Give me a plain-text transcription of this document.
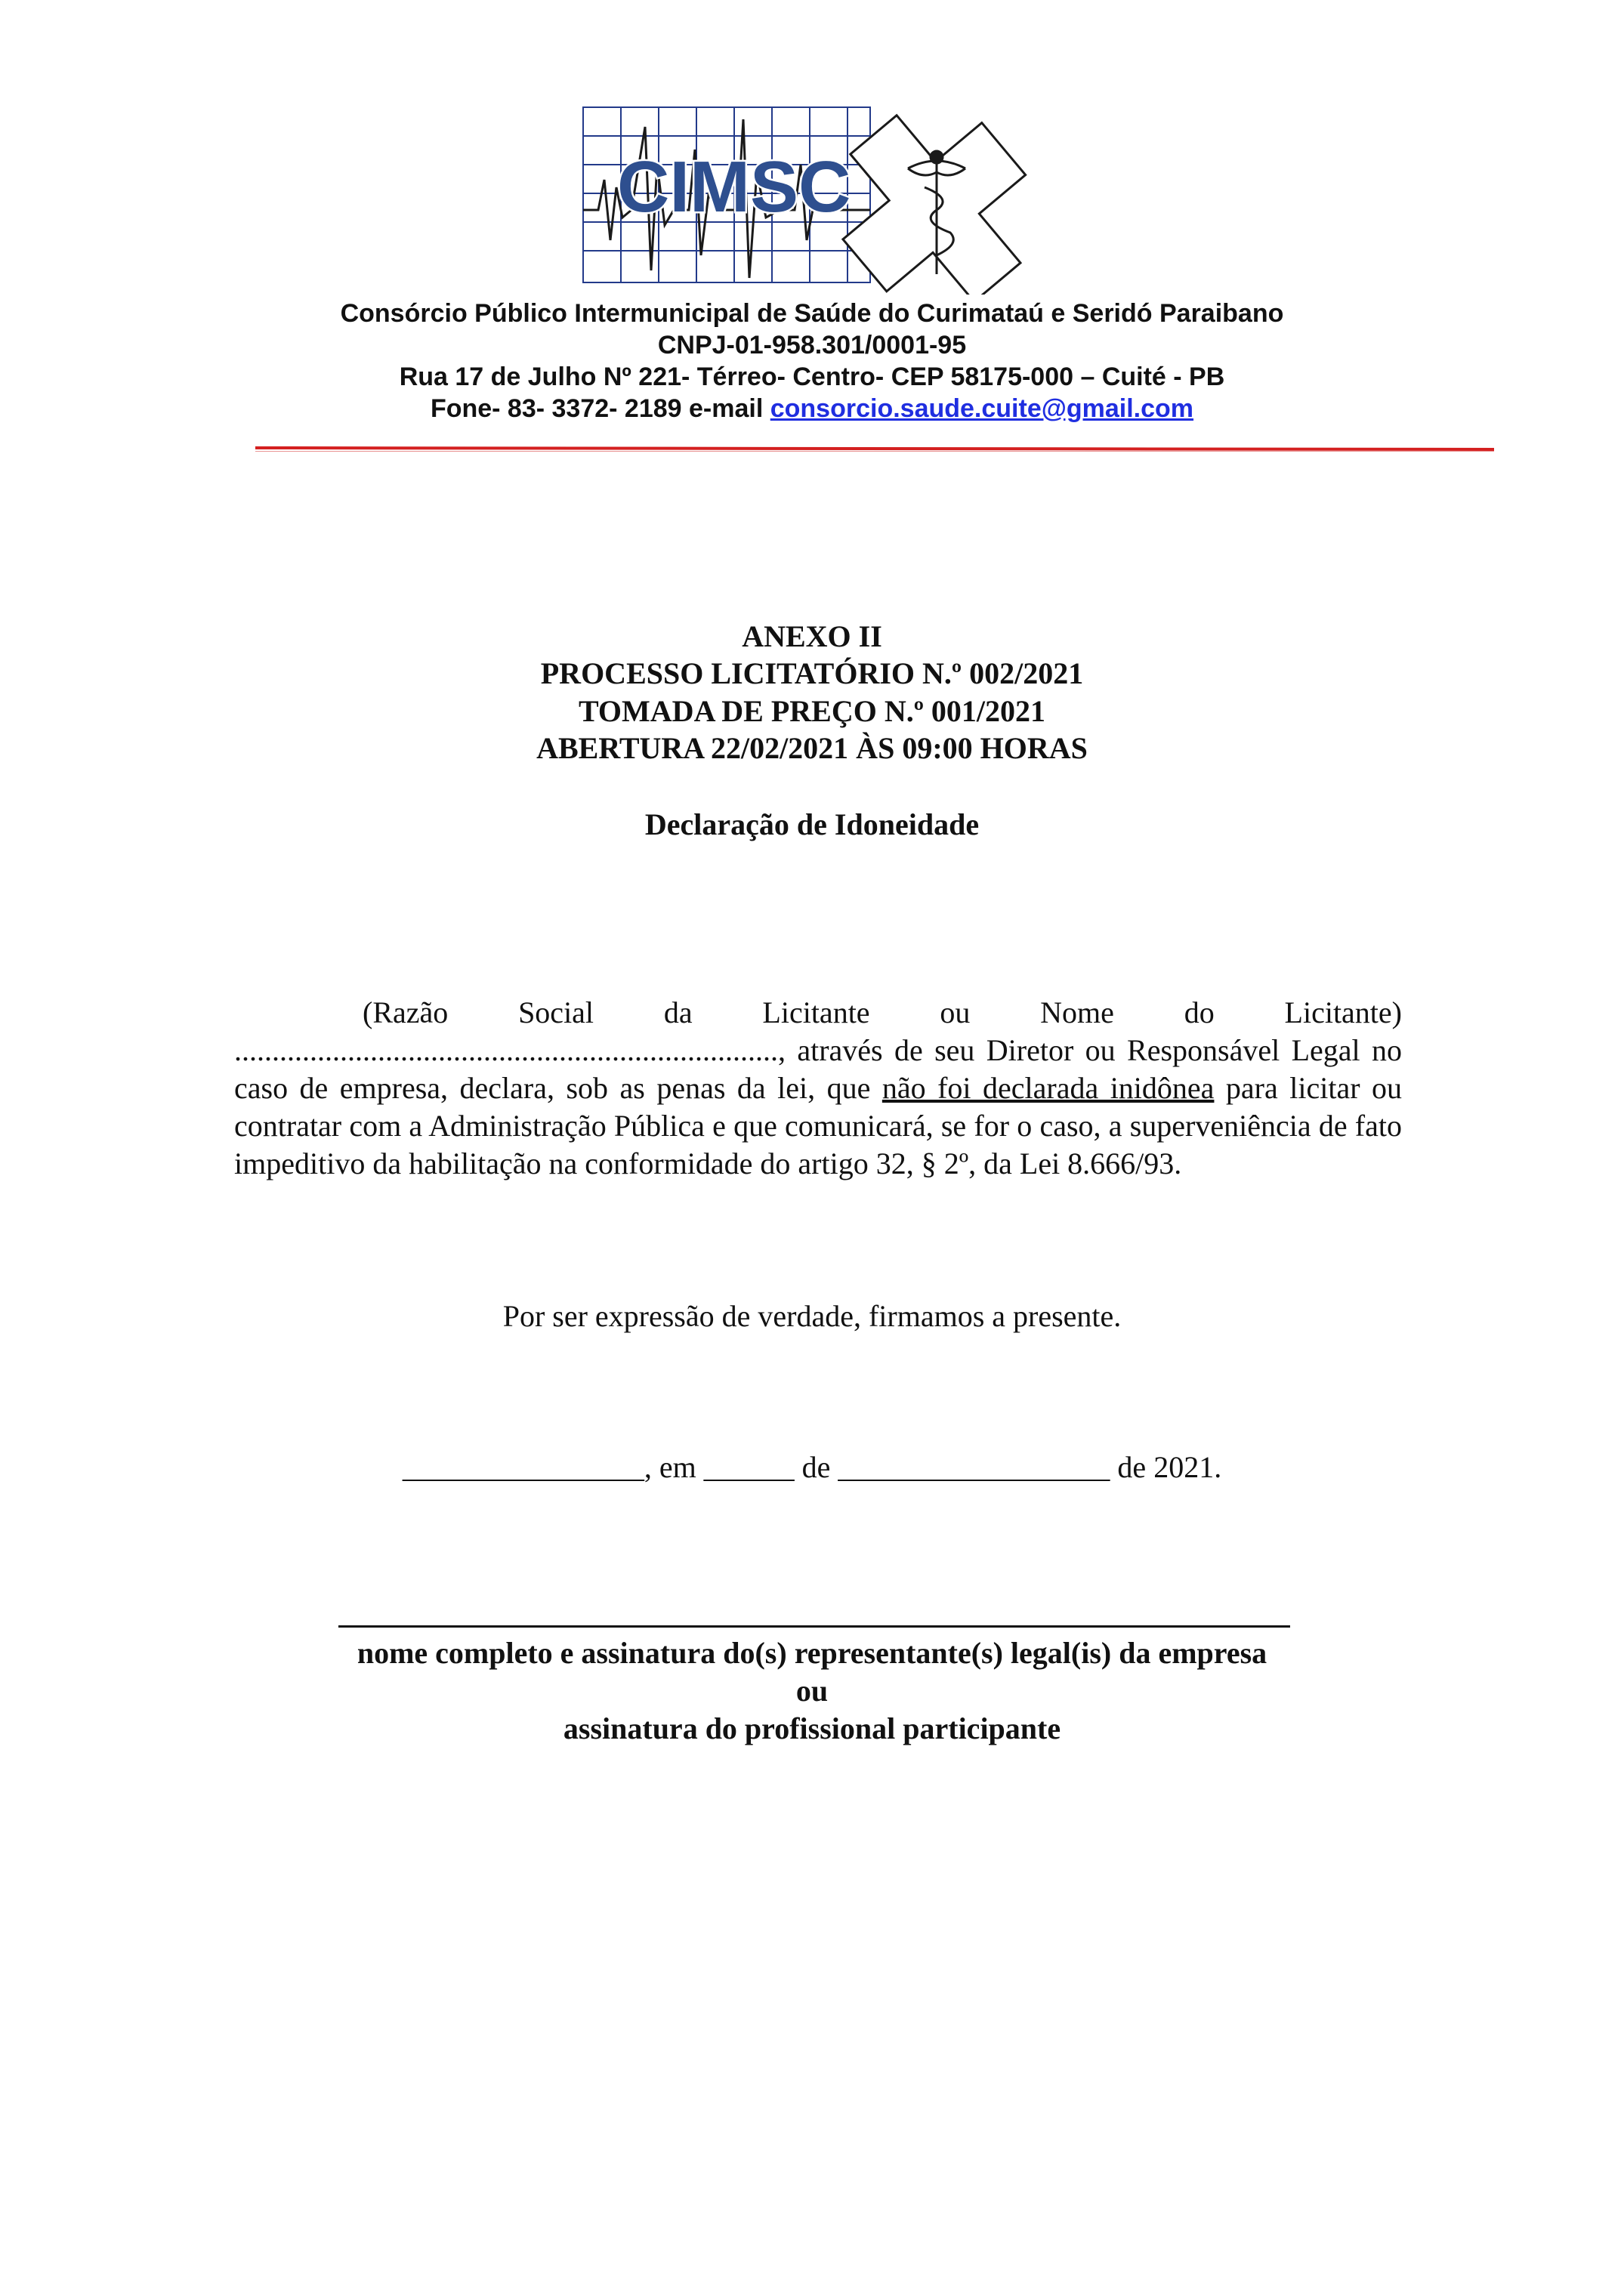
CIMSC
Consórcio Público Intermunicipal de Saúde do Curimataú e Seridó Paraibano
CNPJ-01-958.301/0001-95
Rua 17 de Julho Nº 221- Térreo- Centro- CEP 58175-000 – Cuité - PB
Fone- 83- 3372- 2189 e-mail consorcio.saude.cuite@gmail.com
ANEXO II
PROCESSO LICITATÓRIO N.º 002/2021
TOMADA DE PREÇO N.º 001/2021
ABERTURA 22/02/2021 ÀS 09:00 HORAS
Declaração de Idoneidade
(Razão Social da Licitante ou Nome do Licitante) ........................................................................, através de seu Diretor ou Responsável Legal no caso de empresa, declara, sob as penas da lei, que não foi declarada inidônea para licitar ou contratar com a Administração Pública e que comunicará, se for o caso, a superveniência de fato impeditivo da habilitação na conformidade do artigo 32, § 2º, da Lei 8.666/93.
Por ser expressão de verdade, firmamos a presente.
________________, em ______ de __________________ de 2021.
nome completo e assinatura do(s) representante(s) legal(is) da empresa
ou
assinatura do profissional participante
